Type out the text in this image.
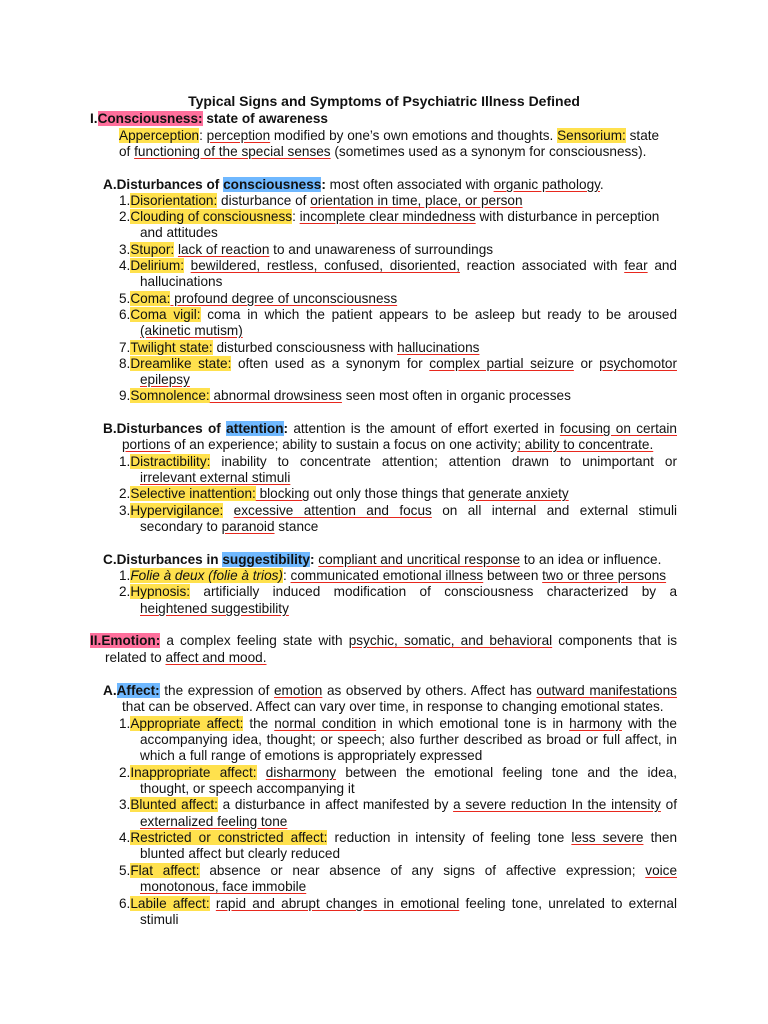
Typical Signs and Symptoms of Psychiatric Illness Defined
I.Consciousness: state of awareness
Apperception: perception modified by one’s own emotions and thoughts. Sensorium: state
of functioning of the special senses (sometimes used as a synonym for consciousness).
A.Disturbances of consciousness: most often associated with organic pathology.
1.Disorientation: disturbance of orientation in time, place, or person
2.Clouding of consciousness: incomplete clear mindedness with disturbance in perception
and attitudes
3.Stupor: lack of reaction to and unawareness of surroundings
4.Delirium: bewildered, restless, confused, disoriented, reaction associated with fear and
hallucinations
5.Coma: profound degree of unconsciousness
6.Coma vigil: coma in which the patient appears to be asleep but ready to be aroused
(akinetic mutism)
7.Twilight state: disturbed consciousness with hallucinations
8.Dreamlike state: often used as a synonym for complex partial seizure or psychomotor
epilepsy
9.Somnolence: abnormal drowsiness seen most often in organic processes
B.Disturbances of attention: attention is the amount of effort exerted in focusing on certain
portions of an experience; ability to sustain a focus on one activity; ability to concentrate.
1.Distractibility: inability to concentrate attention; attention drawn to unimportant or
irrelevant external stimuli
2.Selective inattention: blocking out only those things that generate anxiety
3.Hypervigilance: excessive attention and focus on all internal and external stimuli
secondary to paranoid stance
C.Disturbances in suggestibility: compliant and uncritical response to an idea or influence.
1.Folie à deux (folie à trios): communicated emotional illness between two or three persons
2.Hypnosis: artificially induced modification of consciousness characterized by a
heightened suggestibility
II.Emotion: a complex feeling state with psychic, somatic, and behavioral components that is
related to affect and mood.
A.Affect: the expression of emotion as observed by others. Affect has outward manifestations
that can be observed. Affect can vary over time, in response to changing emotional states.
1.Appropriate affect: the normal condition in which emotional tone is in harmony with the
accompanying idea, thought; or speech; also further described as broad or full affect, in
which a full range of emotions is appropriately expressed
2.Inappropriate affect: disharmony between the emotional feeling tone and the idea,
thought, or speech accompanying it
3.Blunted affect: a disturbance in affect manifested by a severe reduction In the intensity of
externalized feeling tone
4.Restricted or constricted affect: reduction in intensity of feeling tone less severe then
blunted affect but clearly reduced
5.Flat affect: absence or near absence of any signs of affective expression; voice
monotonous, face immobile
6.Labile affect: rapid and abrupt changes in emotional feeling tone, unrelated to external
stimuli
